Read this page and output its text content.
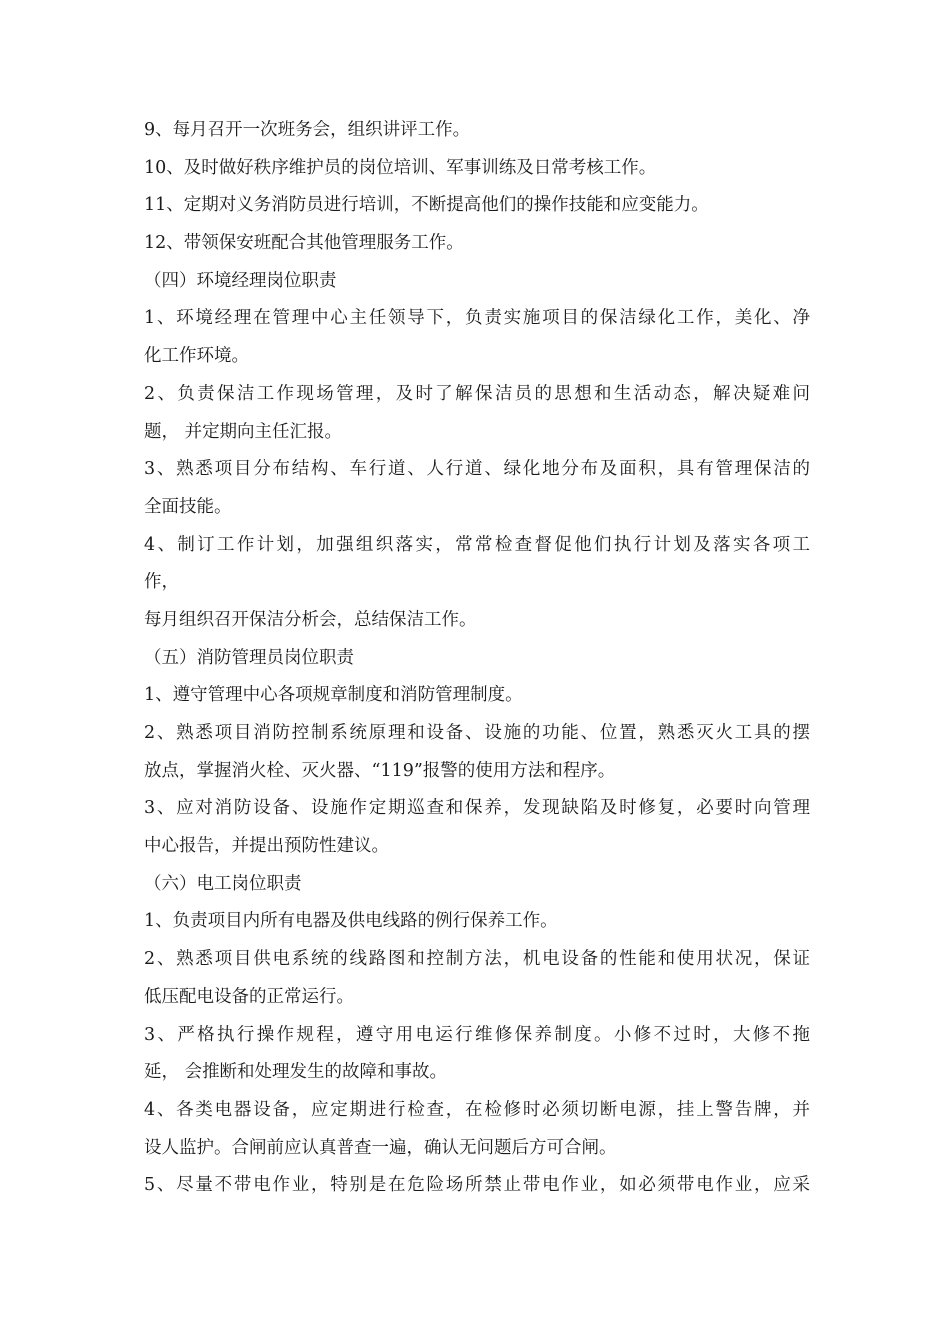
9、每月召开一次班务会，组织讲评工作。
10、及时做好秩序维护员的岗位培训、军事训练及日常考核工作。
11、定期对义务消防员进行培训，不断提高他们的操作技能和应变能力。
12、带领保安班配合其他管理服务工作。
（四）环境经理岗位职责
1、环境经理在管理中心主任领导下，负责实施项目的保洁绿化工作，美化、净
化工作环境。
2、负责保洁工作现场管理，及时了解保洁员的思想和生活动态，解决疑难问
题， 并定期向主任汇报。
3、熟悉项目分布结构、车行道、人行道、绿化地分布及面积，具有管理保洁的
全面技能。
4、制订工作计划，加强组织落实，常常检查督促他们执行计划及落实各项工
作，
每月组织召开保洁分析会，总结保洁工作。
（五）消防管理员岗位职责
1、遵守管理中心各项规章制度和消防管理制度。
2、熟悉项目消防控制系统原理和设备、设施的功能、位置，熟悉灭火工具的摆
放点，掌握消火栓、灭火器、“119”报警的使用方法和程序。
3、应对消防设备、设施作定期巡查和保养，发现缺陷及时修复，必要时向管理
中心报告，并提出预防性建议。
（六）电工岗位职责
1、负责项目内所有电器及供电线路的例行保养工作。
2、熟悉项目供电系统的线路图和控制方法，机电设备的性能和使用状况，保证
低压配电设备的正常运行。
3、严格执行操作规程，遵守用电运行维修保养制度。小修不过时，大修不拖
延， 会推断和处理发生的故障和事故。
4、各类电器设备，应定期进行检查，在检修时必须切断电源，挂上警告牌，并
设人监护。合闸前应认真普查一遍，确认无问题后方可合闸。
5、尽量不带电作业，特别是在危险场所禁止带电作业，如必须带电作业，应采
